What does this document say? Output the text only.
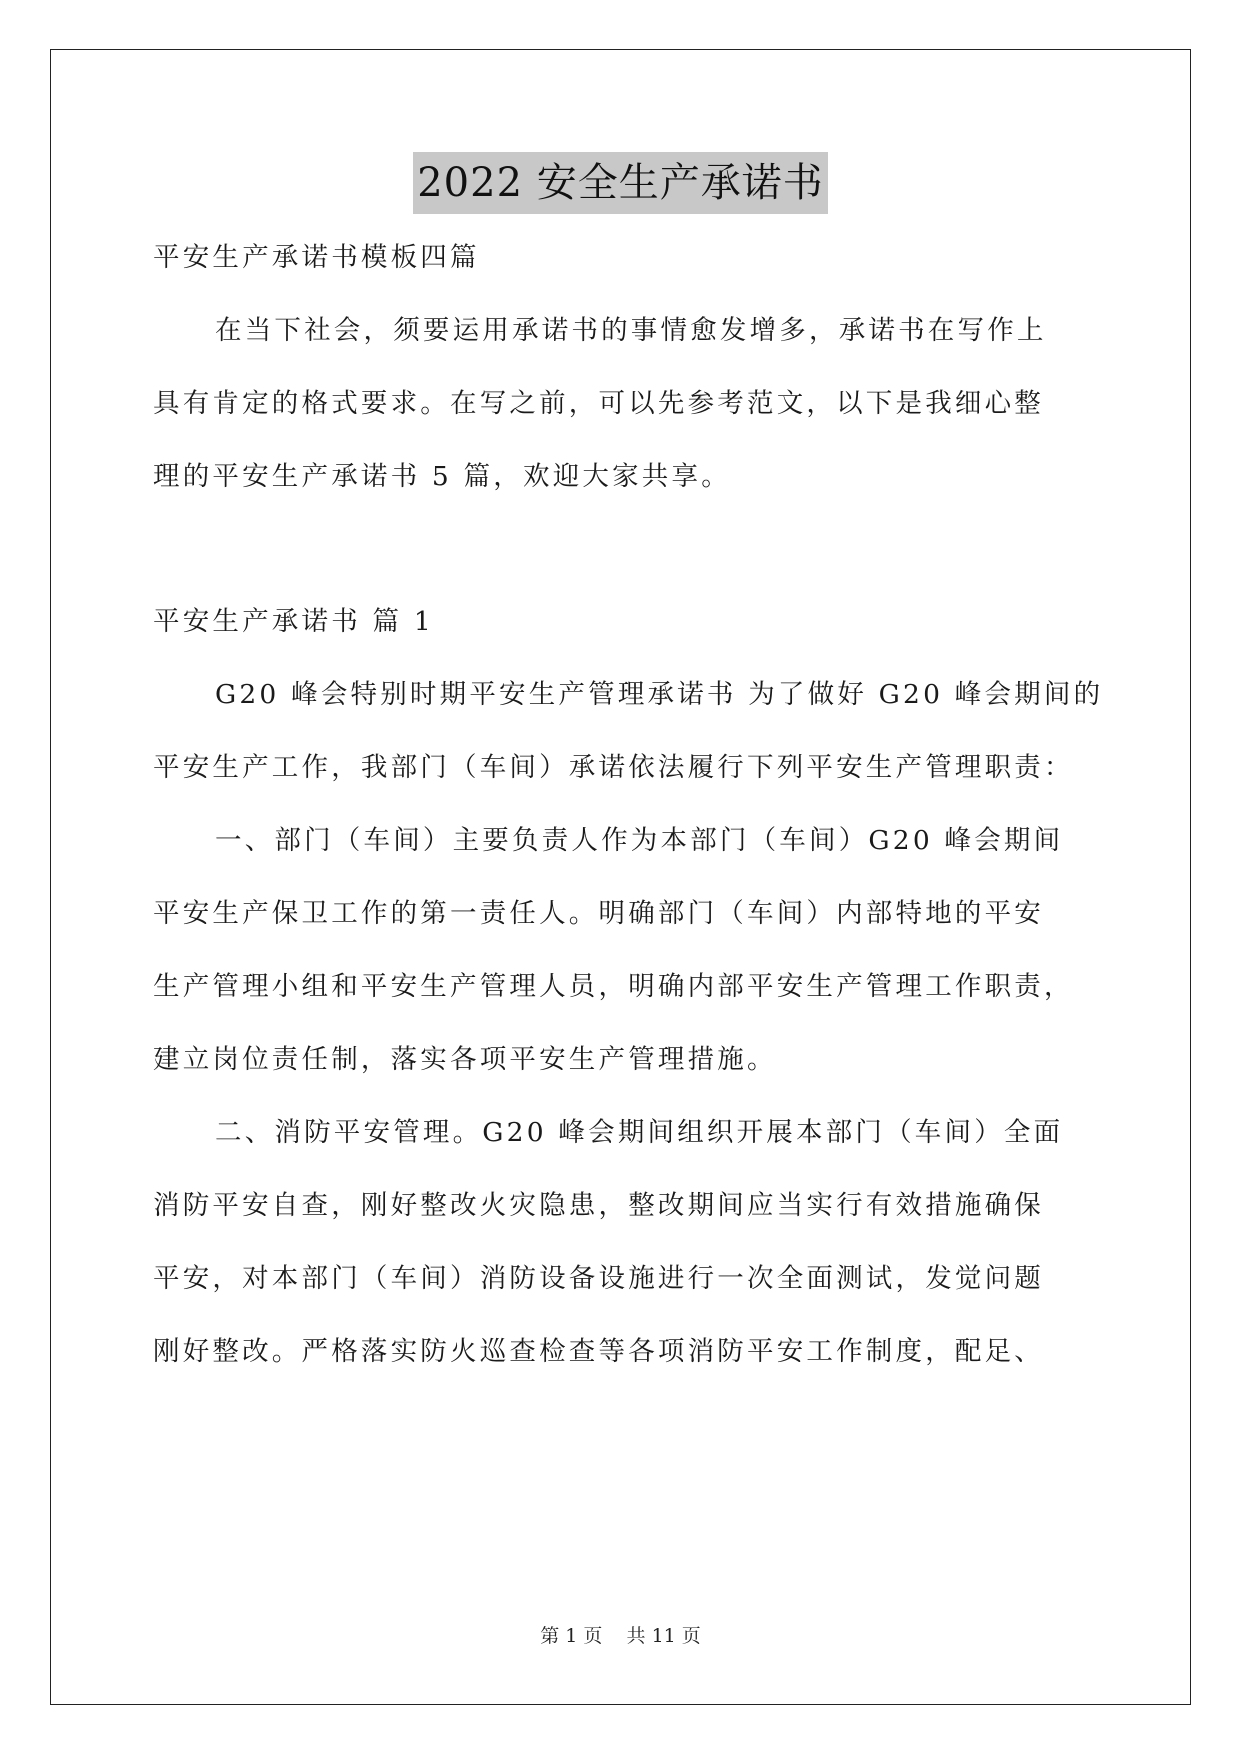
2022 安全生产承诺书
平安生产承诺书模板四篇
在当下社会，须要运用承诺书的事情愈发增多，承诺书在写作上
具有肯定的格式要求。在写之前，可以先参考范文，以下是我细心整
理的平安生产承诺书 5 篇，欢迎大家共享。
平安生产承诺书 篇 1
G20 峰会特别时期平安生产管理承诺书 为了做好 G20 峰会期间的
平安生产工作，我部门（车间）承诺依法履行下列平安生产管理职责：
一、部门（车间）主要负责人作为本部门（车间）G20 峰会期间
平安生产保卫工作的第一责任人。明确部门（车间）内部特地的平安
生产管理小组和平安生产管理人员，明确内部平安生产管理工作职责，
建立岗位责任制，落实各项平安生产管理措施。
二、消防平安管理。G20 峰会期间组织开展本部门（车间）全面
消防平安自查，刚好整改火灾隐患，整改期间应当实行有效措施确保
平安，对本部门（车间）消防设备设施进行一次全面测试，发觉问题
刚好整改。严格落实防火巡查检查等各项消防平安工作制度，配足、
第 1 页    共 11 页
